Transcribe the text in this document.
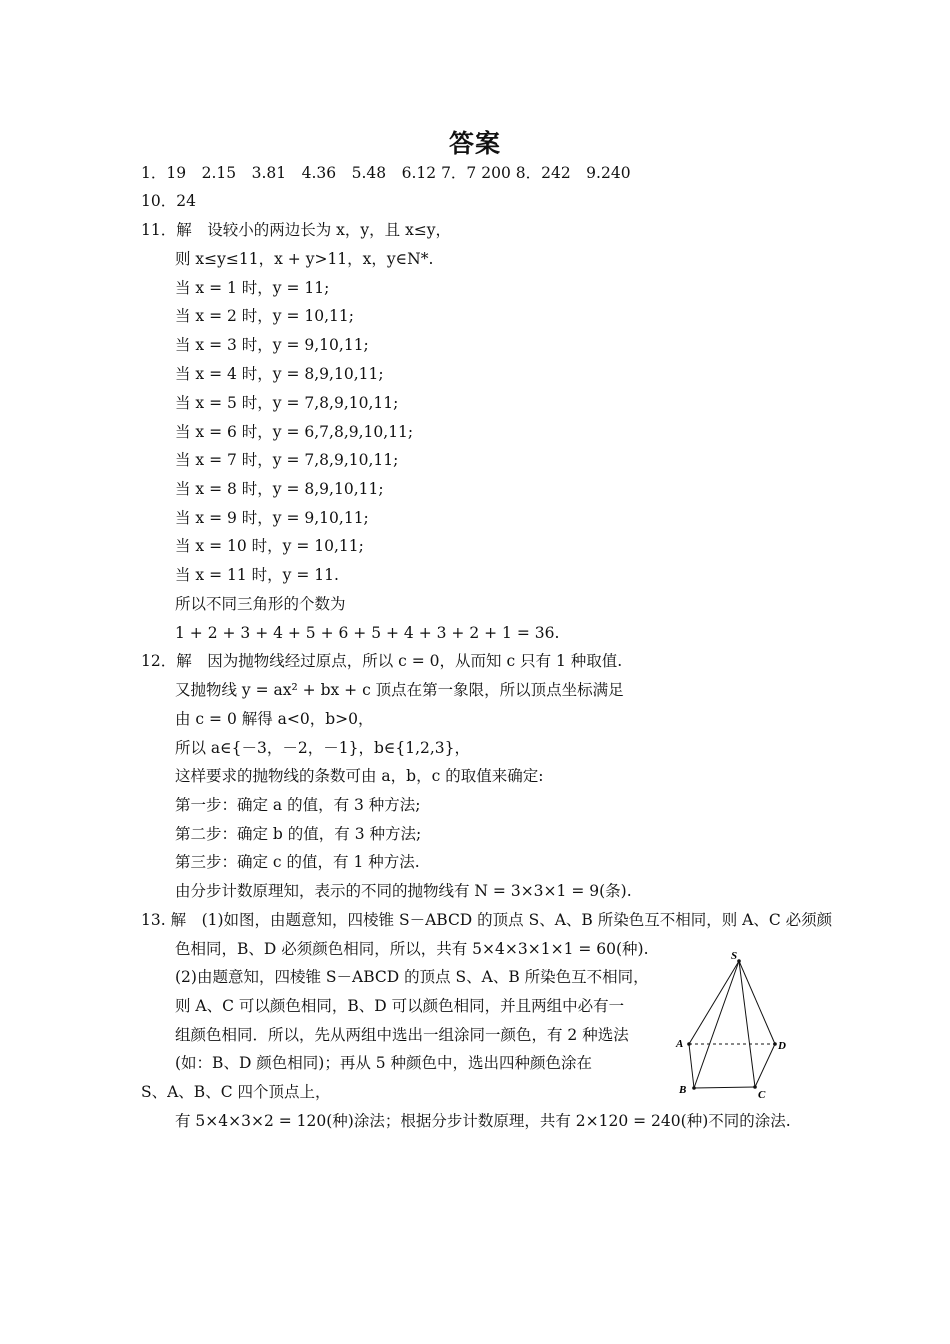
答案
1．19　2.15　3.81　4.36　5.48　6.12 7．7 200 8．242　9.240
10．24
11．解　设较小的两边长为 x，y，且 x≤y，
则 x≤y≤11，x + y>11，x，y∈N*.
当 x = 1 时，y = 11;
当 x = 2 时，y = 10,11;
当 x = 3 时，y = 9,10,11;
当 x = 4 时，y = 8,9,10,11;
当 x = 5 时，y = 7,8,9,10,11;
当 x = 6 时，y = 6,7,8,9,10,11;
当 x = 7 时，y = 7,8,9,10,11;
当 x = 8 时，y = 8,9,10,11;
当 x = 9 时，y = 9,10,11;
当 x = 10 时，y = 10,11;
当 x = 11 时，y = 11.
所以不同三角形的个数为
1 + 2 + 3 + 4 + 5 + 6 + 5 + 4 + 3 + 2 + 1 = 36.
12．解　因为抛物线经过原点，所以 c = 0，从而知 c 只有 1 种取值.
又抛物线 y = ax² + bx + c 顶点在第一象限，所以顶点坐标满足
由 c = 0 解得 a<0，b>0，
所以 a∈{－3，－2，－1}，b∈{1,2,3}，
这样要求的抛物线的条数可由 a，b，c 的取值来确定:
第一步：确定 a 的值，有 3 种方法;
第二步：确定 b 的值，有 3 种方法;
第三步：确定 c 的值，有 1 种方法.
由分步计数原理知，表示的不同的抛物线有 N = 3×3×1 = 9(条).
13. 解　(1)如图，由题意知，四棱锥 S－ABCD 的顶点 S、A、B 所染色互不相同，则 A、C 必须颜
色相同，B、D 必须颜色相同，所以，共有 5×4×3×1×1 = 60(种).
(2)由题意知，四棱锥 S－ABCD 的顶点 S、A、B 所染色互不相同，
则 A、C 可以颜色相同，B、D 可以颜色相同，并且两组中必有一
组颜色相同．所以，先从两组中选出一组涂同一颜色，有 2 种选法
(如：B、D 颜色相同)；再从 5 种颜色中，选出四种颜色涂在
S、A、B、C 四个顶点上，
有 5×4×3×2 = 120(种)涂法；根据分步计数原理，共有 2×120 = 240(种)不同的涂法.
S
A
B	C
D
